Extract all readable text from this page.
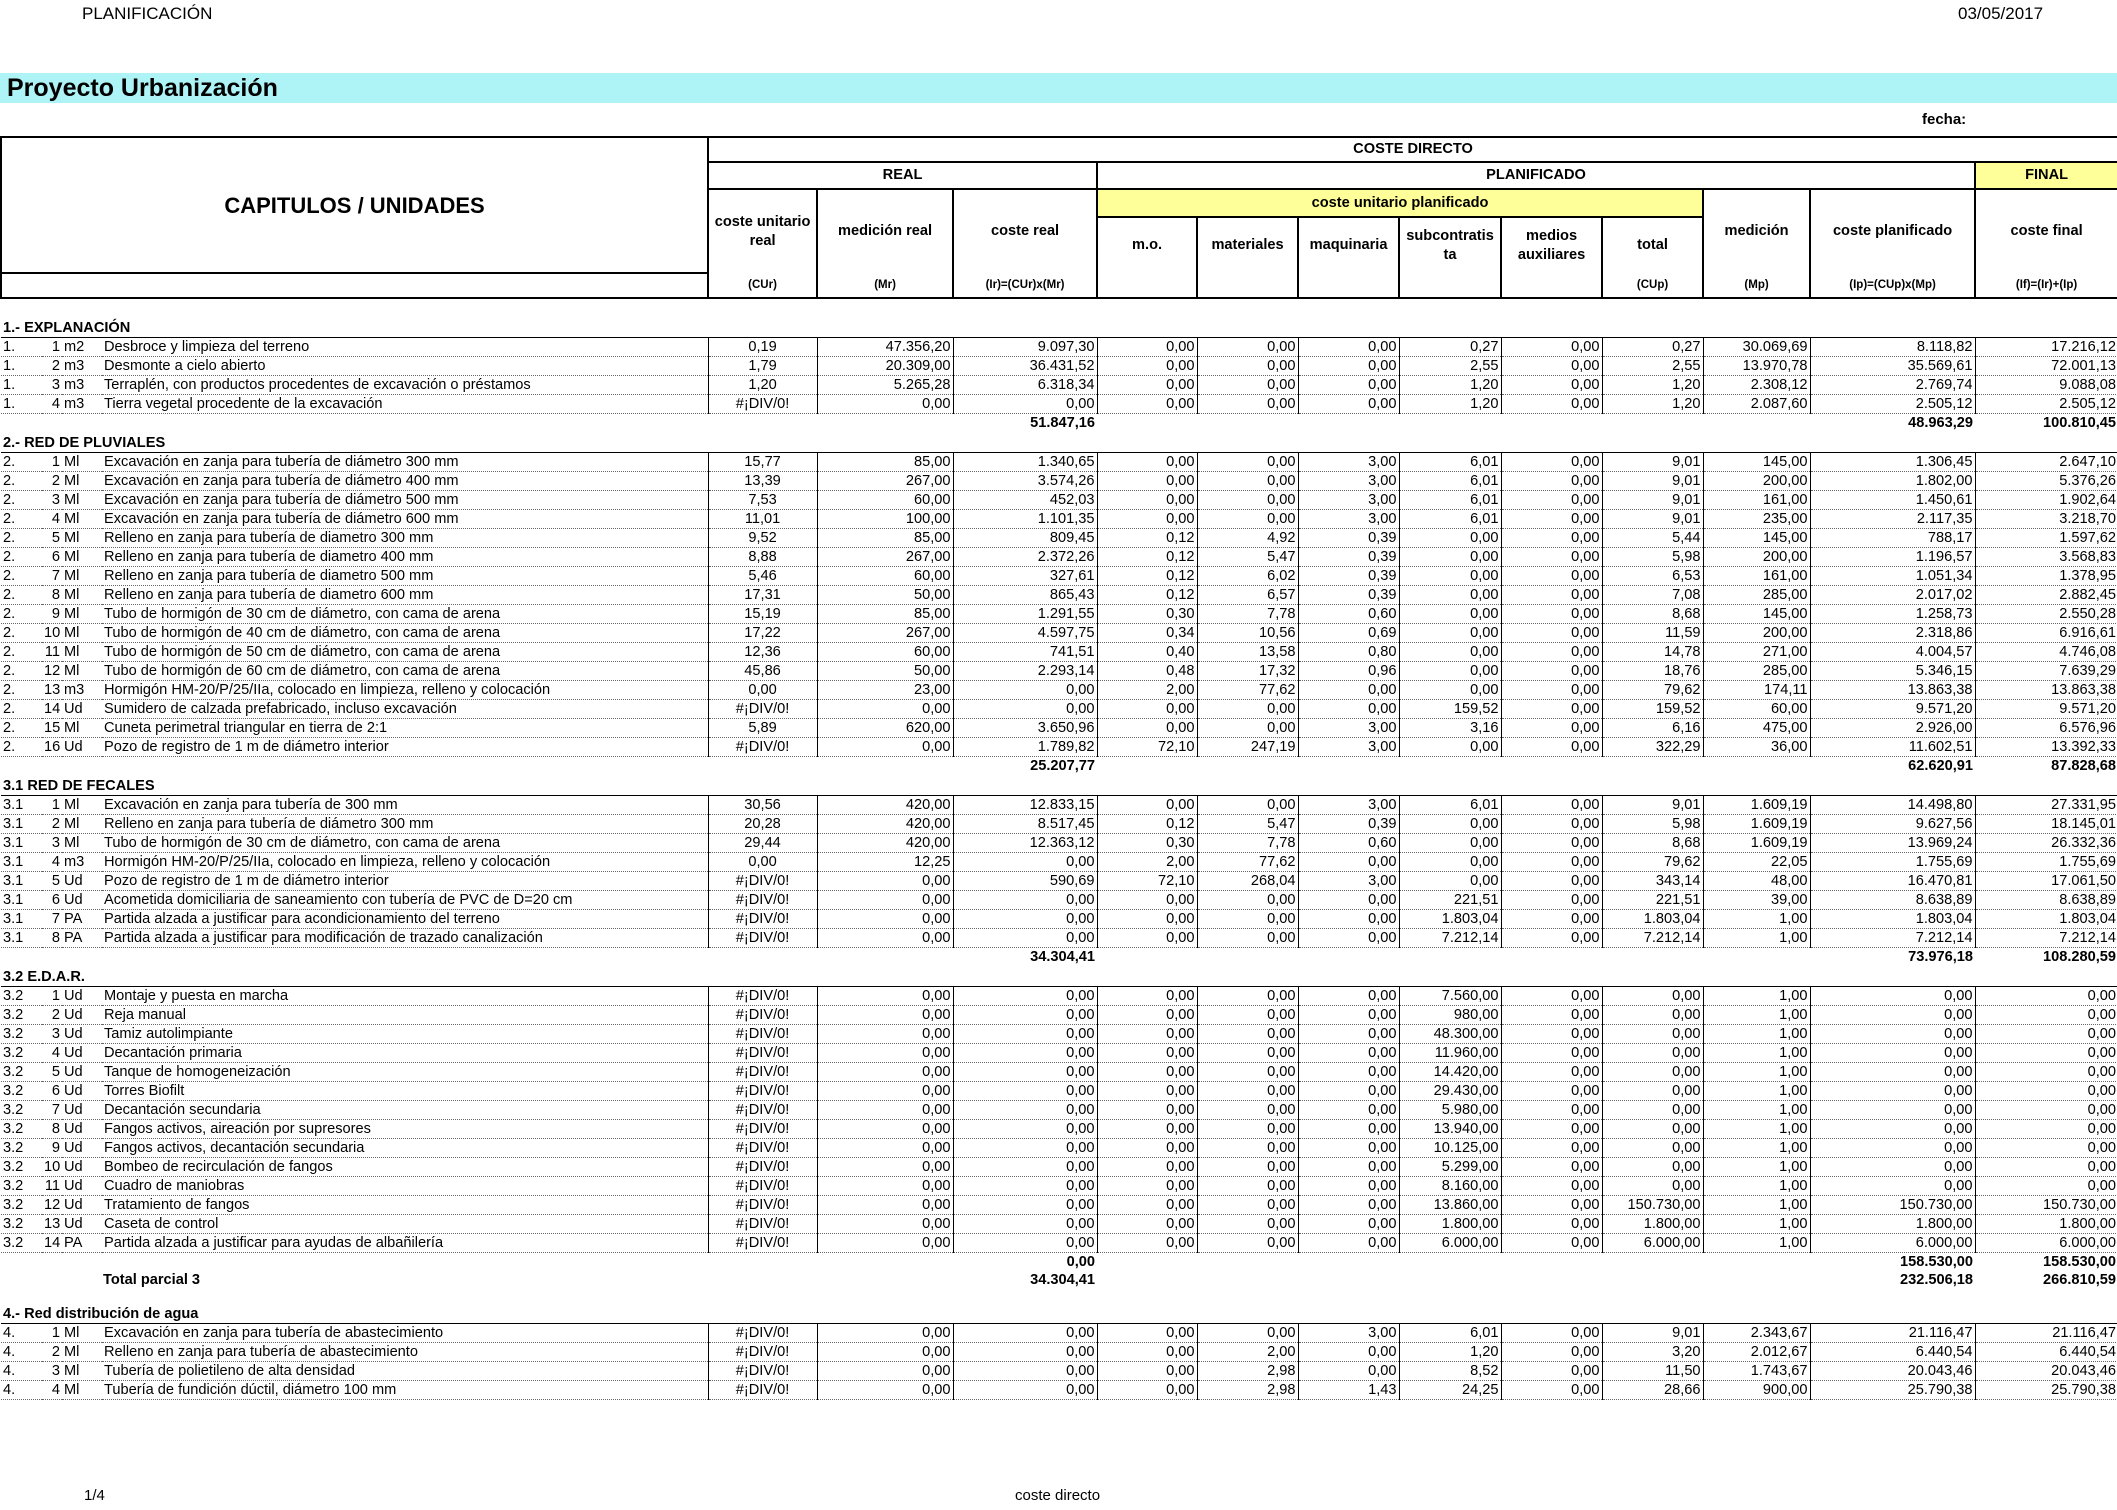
PLANIFICACIÓN	03/05/2017
Proyecto Urbanización
fecha:
CAPITULOS / UNIDADES				COSTE DIRECTO											
				REAL			PLANIFICADO								FINAL
				coste unitario real	medición real	coste real	coste unitario planificado						medición	coste planificado	coste final
							m.o.	materiales	maquinaria	subcontratis ta	medios auxiliares	total			
				(CUr)	(Mr)	(Ir)=(CUr)x(Mr)						(CUp)	(Mp)	(Ip)=(CUp)x(Mp)	(If)=(Ir)+(Ip)

1.- EXPLANACIÓN															
1.	1	m2	Desbroce y limpieza del terreno	0,19	47.356,20	9.097,30	0,00	0,00	0,00	0,27	0,00	0,27	30.069,69	8.118,82	17.216,12
1.	2	m3	Desmonte a cielo abierto	1,79	20.309,00	36.431,52	0,00	0,00	0,00	2,55	0,00	2,55	13.970,78	35.569,61	72.001,13
1.	3	m3	Terraplén, con productos procedentes de excavación o préstamos	1,20	5.265,28	6.318,34	0,00	0,00	0,00	1,20	0,00	1,20	2.308,12	2.769,74	9.088,08
1.	4	m3	Tierra vegetal procedente de la excavación	#¡DIV/0!	0,00	0,00	0,00	0,00	0,00	1,20	0,00	1,20	2.087,60	2.505,12	2.505,12
						51.847,16								48.963,29	100.810,45
2.- RED DE PLUVIALES															
2.	1	Ml	Excavación en zanja para tubería de diámetro 300 mm	15,77	85,00	1.340,65	0,00	0,00	3,00	6,01	0,00	9,01	145,00	1.306,45	2.647,10
2.	2	Ml	Excavación en zanja para tubería de diámetro 400 mm	13,39	267,00	3.574,26	0,00	0,00	3,00	6,01	0,00	9,01	200,00	1.802,00	5.376,26
2.	3	Ml	Excavación en zanja para tubería de diámetro 500 mm	7,53	60,00	452,03	0,00	0,00	3,00	6,01	0,00	9,01	161,00	1.450,61	1.902,64
2.	4	Ml	Excavación en zanja para tubería de diámetro 600 mm	11,01	100,00	1.101,35	0,00	0,00	3,00	6,01	0,00	9,01	235,00	2.117,35	3.218,70
2.	5	Ml	Relleno en zanja para tubería de diametro 300 mm	9,52	85,00	809,45	0,12	4,92	0,39	0,00	0,00	5,44	145,00	788,17	1.597,62
2.	6	Ml	Relleno en zanja para tubería de diametro 400 mm	8,88	267,00	2.372,26	0,12	5,47	0,39	0,00	0,00	5,98	200,00	1.196,57	3.568,83
2.	7	Ml	Relleno en zanja para tubería de diametro 500 mm	5,46	60,00	327,61	0,12	6,02	0,39	0,00	0,00	6,53	161,00	1.051,34	1.378,95
2.	8	Ml	Relleno en zanja para tubería de diametro 600 mm	17,31	50,00	865,43	0,12	6,57	0,39	0,00	0,00	7,08	285,00	2.017,02	2.882,45
2.	9	Ml	Tubo de hormigón de 30 cm de diámetro, con cama de arena	15,19	85,00	1.291,55	0,30	7,78	0,60	0,00	0,00	8,68	145,00	1.258,73	2.550,28
2.	10	Ml	Tubo de hormigón de 40 cm de diámetro, con cama de arena	17,22	267,00	4.597,75	0,34	10,56	0,69	0,00	0,00	11,59	200,00	2.318,86	6.916,61
2.	11	Ml	Tubo de hormigón de 50 cm de diámetro, con cama de arena	12,36	60,00	741,51	0,40	13,58	0,80	0,00	0,00	14,78	271,00	4.004,57	4.746,08
2.	12	Ml	Tubo de hormigón de 60 cm de diámetro, con cama de arena	45,86	50,00	2.293,14	0,48	17,32	0,96	0,00	0,00	18,76	285,00	5.346,15	7.639,29
2.	13	m3	Hormigón HM-20/P/25/IIa, colocado en limpieza, relleno y colocación	0,00	23,00	0,00	2,00	77,62	0,00	0,00	0,00	79,62	174,11	13.863,38	13.863,38
2.	14	Ud	Sumidero de calzada prefabricado, incluso excavación	#¡DIV/0!	0,00	0,00	0,00	0,00	0,00	159,52	0,00	159,52	60,00	9.571,20	9.571,20
2.	15	Ml	Cuneta perimetral triangular en tierra de 2:1	5,89	620,00	3.650,96	0,00	0,00	3,00	3,16	0,00	6,16	475,00	2.926,00	6.576,96
2.	16	Ud	Pozo de registro de 1 m de diámetro interior	#¡DIV/0!	0,00	1.789,82	72,10	247,19	3,00	0,00	0,00	322,29	36,00	11.602,51	13.392,33
						25.207,77								62.620,91	87.828,68
3.1 RED DE FECALES															
3.1	1	Ml	Excavación en zanja para tubería de 300 mm	30,56	420,00	12.833,15	0,00	0,00	3,00	6,01	0,00	9,01	1.609,19	14.498,80	27.331,95
3.1	2	Ml	Relleno en zanja para tubería de diámetro 300 mm	20,28	420,00	8.517,45	0,12	5,47	0,39	0,00	0,00	5,98	1.609,19	9.627,56	18.145,01
3.1	3	Ml	Tubo de hormigón de 30 cm de diámetro, con cama de arena	29,44	420,00	12.363,12	0,30	7,78	0,60	0,00	0,00	8,68	1.609,19	13.969,24	26.332,36
3.1	4	m3	Hormigón HM-20/P/25/IIa, colocado en limpieza, relleno y colocación	0,00	12,25	0,00	2,00	77,62	0,00	0,00	0,00	79,62	22,05	1.755,69	1.755,69
3.1	5	Ud	Pozo de registro de 1 m de diámetro interior	#¡DIV/0!	0,00	590,69	72,10	268,04	3,00	0,00	0,00	343,14	48,00	16.470,81	17.061,50
3.1	6	Ud	Acometida domiciliaria de saneamiento con tubería de PVC de D=20 cm	#¡DIV/0!	0,00	0,00	0,00	0,00	0,00	221,51	0,00	221,51	39,00	8.638,89	8.638,89
3.1	7	PA	Partida alzada a justificar para acondicionamiento del terreno	#¡DIV/0!	0,00	0,00	0,00	0,00	0,00	1.803,04	0,00	1.803,04	1,00	1.803,04	1.803,04
3.1	8	PA	Partida alzada a justificar para modificación de trazado canalización	#¡DIV/0!	0,00	0,00	0,00	0,00	0,00	7.212,14	0,00	7.212,14	1,00	7.212,14	7.212,14
						34.304,41								73.976,18	108.280,59
3.2 E.D.A.R.															
3.2	1	Ud	Montaje y puesta en marcha	#¡DIV/0!	0,00	0,00	0,00	0,00	0,00	7.560,00	0,00	0,00	1,00	0,00	0,00
3.2	2	Ud	Reja manual	#¡DIV/0!	0,00	0,00	0,00	0,00	0,00	980,00	0,00	0,00	1,00	0,00	0,00
3.2	3	Ud	Tamiz autolimpiante	#¡DIV/0!	0,00	0,00	0,00	0,00	0,00	48.300,00	0,00	0,00	1,00	0,00	0,00
3.2	4	Ud	Decantación primaria	#¡DIV/0!	0,00	0,00	0,00	0,00	0,00	11.960,00	0,00	0,00	1,00	0,00	0,00
3.2	5	Ud	Tanque de homogeneización	#¡DIV/0!	0,00	0,00	0,00	0,00	0,00	14.420,00	0,00	0,00	1,00	0,00	0,00
3.2	6	Ud	Torres Biofilt	#¡DIV/0!	0,00	0,00	0,00	0,00	0,00	29.430,00	0,00	0,00	1,00	0,00	0,00
3.2	7	Ud	Decantación secundaria	#¡DIV/0!	0,00	0,00	0,00	0,00	0,00	5.980,00	0,00	0,00	1,00	0,00	0,00
3.2	8	Ud	Fangos activos, aireación por supresores	#¡DIV/0!	0,00	0,00	0,00	0,00	0,00	13.940,00	0,00	0,00	1,00	0,00	0,00
3.2	9	Ud	Fangos activos, decantación secundaria	#¡DIV/0!	0,00	0,00	0,00	0,00	0,00	10.125,00	0,00	0,00	1,00	0,00	0,00
3.2	10	Ud	Bombeo de recirculación de fangos	#¡DIV/0!	0,00	0,00	0,00	0,00	0,00	5.299,00	0,00	0,00	1,00	0,00	0,00
3.2	11	Ud	Cuadro de maniobras	#¡DIV/0!	0,00	0,00	0,00	0,00	0,00	8.160,00	0,00	0,00	1,00	0,00	0,00
3.2	12	Ud	Tratamiento de fangos	#¡DIV/0!	0,00	0,00	0,00	0,00	0,00	13.860,00	0,00	150.730,00	1,00	150.730,00	150.730,00
3.2	13	Ud	Caseta de control	#¡DIV/0!	0,00	0,00	0,00	0,00	0,00	1.800,00	0,00	1.800,00	1,00	1.800,00	1.800,00
3.2	14	PA	Partida alzada a justificar para ayudas de albañilería	#¡DIV/0!	0,00	0,00	0,00	0,00	0,00	6.000,00	0,00	6.000,00	1,00	6.000,00	6.000,00
						0,00								158.530,00	158.530,00
Total parcial 3						34.304,41								232.506,18	266.810,59

4.- Red distribución de agua															
4.	1	Ml	Excavación en zanja para tubería de abastecimiento	#¡DIV/0!	0,00	0,00	0,00	0,00	3,00	6,01	0,00	9,01	2.343,67	21.116,47	21.116,47
4.	2	Ml	Relleno en zanja para tubería de abastecimiento	#¡DIV/0!	0,00	0,00	0,00	2,00	0,00	1,20	0,00	3,20	2.012,67	6.440,54	6.440,54
4.	3	Ml	Tubería de polietileno de alta densidad	#¡DIV/0!	0,00	0,00	0,00	2,98	0,00	8,52	0,00	11,50	1.743,67	20.043,46	20.043,46
4.	4	Ml	Tubería de fundición dúctil, diámetro 100 mm	#¡DIV/0!	0,00	0,00	0,00	2,98	1,43	24,25	0,00	28,66	900,00	25.790,38	25.790,38
1/4	coste directo
